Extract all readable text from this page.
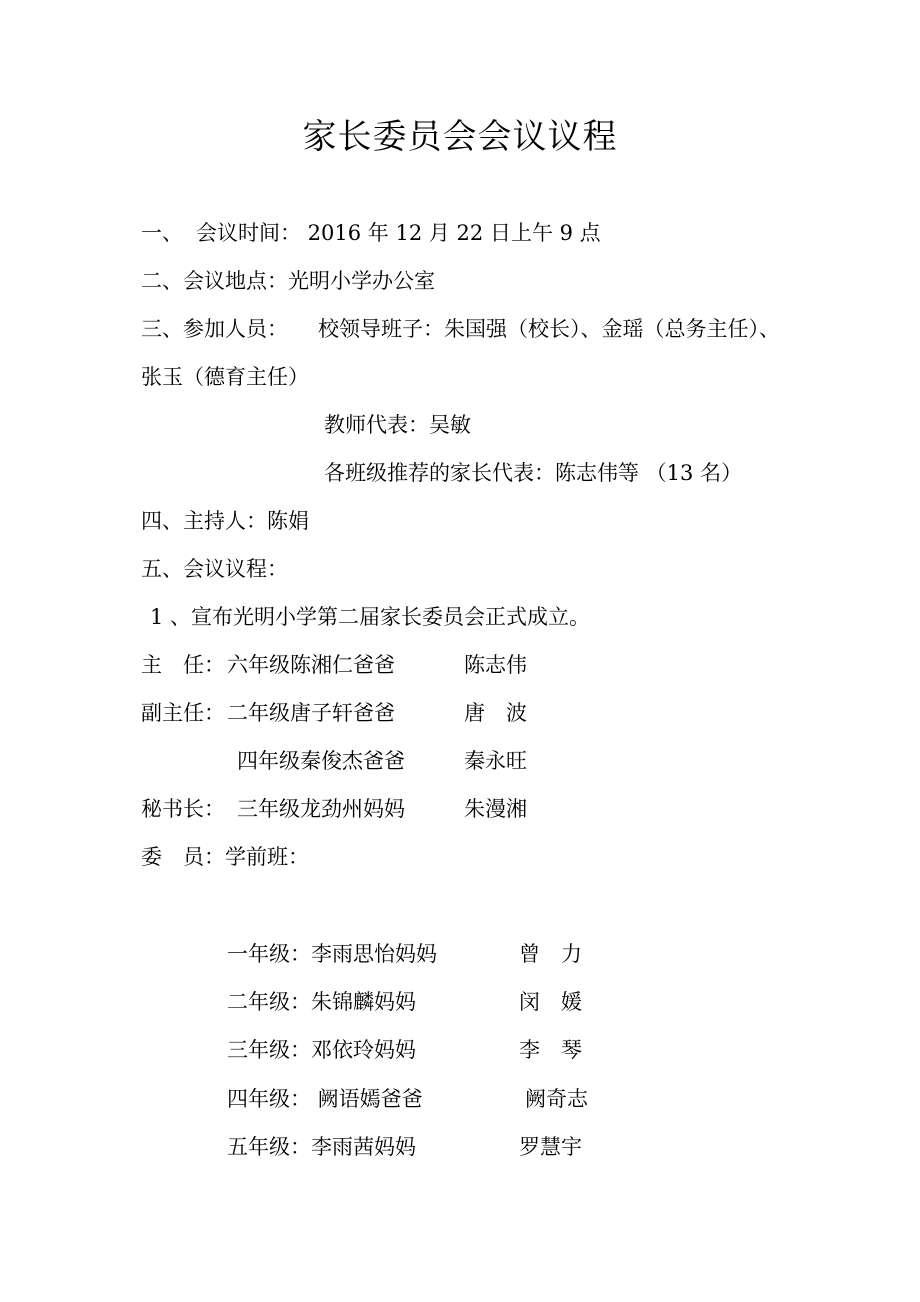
家长委员会会议议程
一、 会议时间： 2016 年 12 月 22 日上午 9 点
二、会议地点：光明小学办公室
三、参加人员： 校领导班子：朱国强（校长）、金瑶（总务主任）、
张玉（德育主任）
教师代表：吴敏
各班级推荐的家长代表：陈志伟等 （13 名）
四、主持人：陈娟
五、会议议程：
1 、宣布光明小学第二届家长委员会正式成立。
主　任： 六年级陈湘仁爸爸	陈志伟
副主任： 二年级唐子轩爸爸	唐　波
四年级秦俊杰爸爸	秦永旺
秘书长： 三年级龙劲州妈妈	朱漫湘
委　员：学前班：
一年级：李雨思怡妈妈	曾　力
二年级：朱锦麟妈妈	闵　媛
三年级：邓依玲妈妈	李　琴
四年级： 阙语嫣爸爸	阙奇志
五年级：李雨茜妈妈	罗慧宇
